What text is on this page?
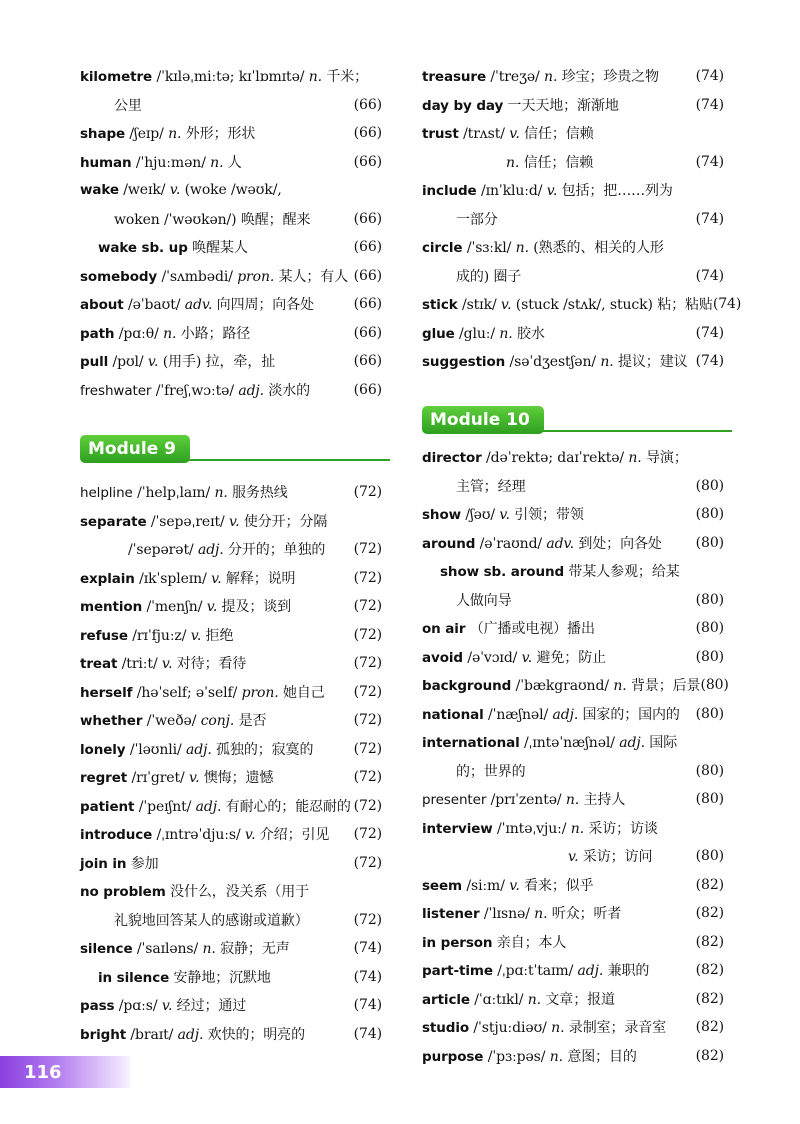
kilometre /ˈkɪləˌmiːtə; kɪˈlɒmɪtə/ n. 千米；
公里	(66)
shape /ʃeɪp/ n. 外形；形状	(66)
human /ˈhjuːmən/ n. 人	(66)
wake /weɪk/ v. (woke /wəʊk/,
woken /ˈwəʊkən/) 唤醒；醒来	(66)
wake sb. up 唤醒某人	(66)
somebody /ˈsʌmbədi/ pron. 某人；有人 (66)
about /əˈbaʊt/ adv. 向四周；向各处	(66)
path /pɑːθ/ n. 小路；路径	(66)
pull /pʊl/ v. (用手) 拉，牵，扯	(66)
freshwater /ˈfreʃˌwɔːtə/ adj. 淡水的	(66)
Module 9
helpline /ˈhelpˌlaɪn/ n. 服务热线	(72)
separate /ˈsepəˌreɪt/ v. 使分开；分隔
/ˈsepərət/ adj. 分开的；单独的 (72)
explain /ɪkˈspleɪn/ v. 解释；说明	(72)
mention /ˈmenʃn/ v. 提及；谈到	(72)
refuse /rɪˈfjuːz/ v. 拒绝	(72)
treat /triːt/ v. 对待；看待	(72)
herself /həˈself; əˈself/ pron. 她自己 (72)
whether /ˈweðə/ conj. 是否	(72)
lonely /ˈləʊnli/ adj. 孤独的；寂寞的	(72)
regret /rɪˈgret/ v. 懊悔；遗憾	(72)
patient /ˈpeɪʃnt/ adj. 有耐心的；能忍耐的 (72)
introduce /ˌɪntrəˈdjuːs/ v. 介绍；引见 (72)
join in 参加	(72)
no problem 没什么，没关系（用于
礼貌地回答某人的感谢或道歉）	(72)
silence /ˈsaɪləns/ n. 寂静；无声	(74)
in silence 安静地；沉默地	(74)
pass /pɑːs/ v. 经过；通过	(74)
bright /braɪt/ adj. 欢快的；明亮的	(74)
treasure /ˈtreʒə/ n. 珍宝；珍贵之物	(74)
day by day 一天天地；渐渐地	(74)
trust /trʌst/ v. 信任；信赖
n. 信任；信赖	(74)
include /ɪnˈkluːd/ v. 包括；把……列为
一部分	(74)
circle /ˈsɜːkl/ n. (熟悉的、相关的人形
成的) 圈子	(74)
stick /stɪk/ v. (stuck /stʌk/, stuck) 粘；粘贴 (74)
glue /gluː/ n. 胶水	(74)
suggestion /səˈdʒestʃən/ n. 提议；建议 (74)
Module 10
director /dəˈrektə; daɪˈrektə/ n. 导演；
主管；经理	(80)
show /ʃəʊ/ v. 引领；带领	(80)
around /əˈraʊnd/ adv. 到处；向各处 (80)
show sb. around 带某人参观；给某
人做向导	(80)
on air （广播或电视）播出	(80)
avoid /əˈvɔɪd/ v. 避免；防止	(80)
background /ˈbækgraʊnd/ n. 背景；后景 (80)
national /ˈnæʃnəl/ adj. 国家的；国内的 (80)
international /ˌɪntəˈnæʃnəl/ adj. 国际
的；世界的	(80)
presenter /prɪˈzentə/ n. 主持人	(80)
interview /ˈɪntəˌvjuː/ n. 采访；访谈
v. 采访；访问	(80)
seem /siːm/ v. 看来；似乎	(82)
listener /ˈlɪsnə/ n. 听众；听者	(82)
in person 亲自；本人	(82)
part-time /ˌpɑːtˈtaɪm/ adj. 兼职的	(82)
article /ˈɑːtɪkl/ n. 文章；报道	(82)
studio /ˈstjuːdiəʊ/ n. 录制室；录音室 (82)
purpose /ˈpɜːpəs/ n. 意图；目的	(82)
116
